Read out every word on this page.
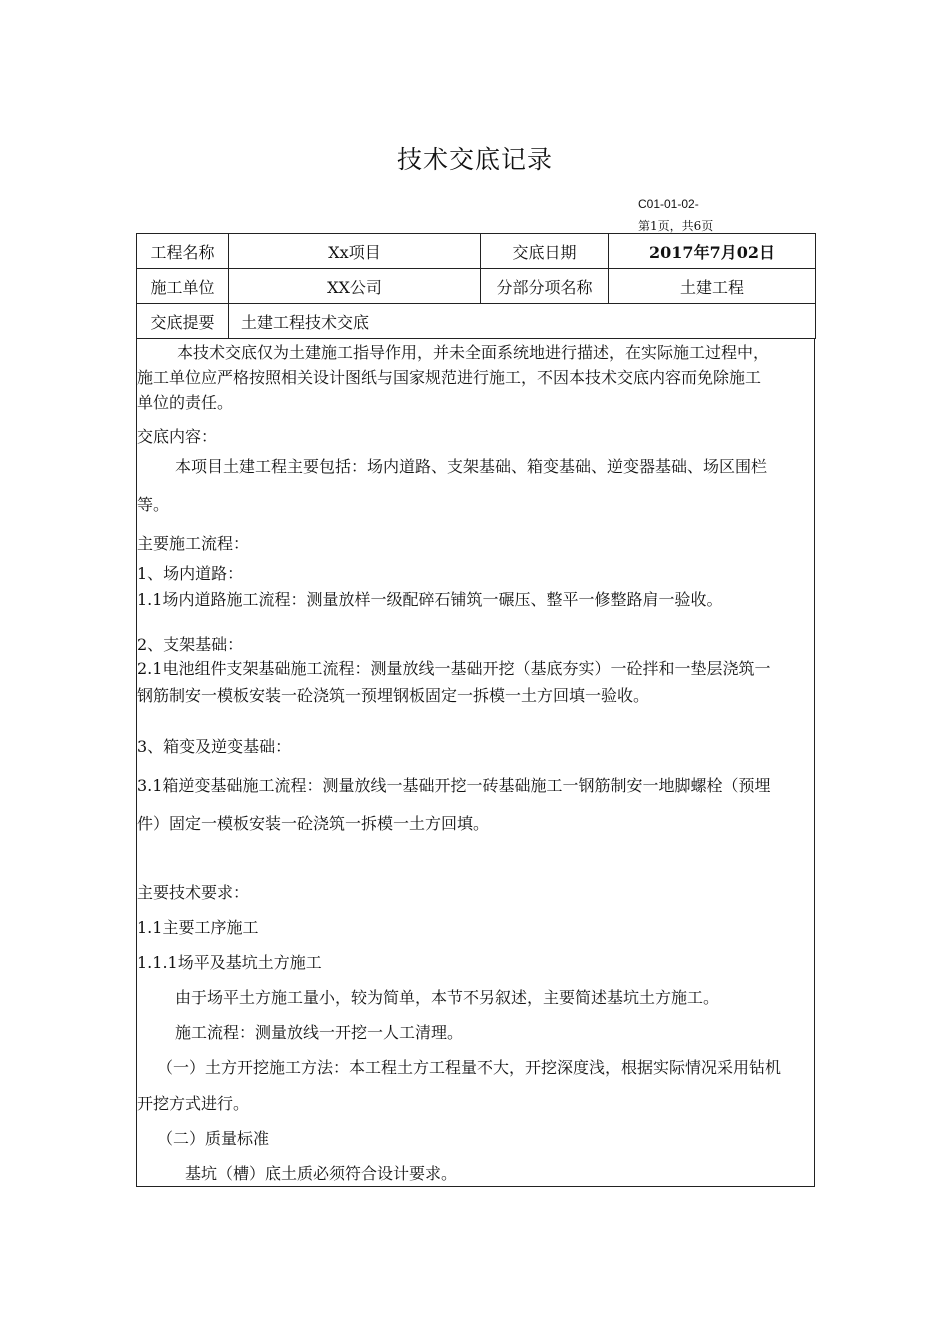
技术交底记录
C01-01-02-
第1页，共6页
工程名称	Xx项目	交底日期	2017年7月02日
施工单位	XX公司	分部分项名称	土建工程
交底提要	土建工程技术交底		
本技术交底仅为土建施工指导作用，并未全面系统地进行描述，在实际施工过程中，
施工单位应严格按照相关设计图纸与国家规范进行施工，不因本技术交底内容而免除施工
单位的责任。
交底内容：
本项目土建工程主要包括：场内道路、支架基础、箱变基础、逆变器基础、场区围栏
等。
主要施工流程：
1、场内道路：
1.1场内道路施工流程：测量放样一级配碎石铺筑一碾压、整平一修整路肩一验收。
2、支架基础：
2.1电池组件支架基础施工流程：测量放线一基础开挖（基底夯实）一砼拌和一垫层浇筑一
钢筋制安一模板安装一砼浇筑一预埋钢板固定一拆模一土方回填一验收。
3、箱变及逆变基础：
3.1箱逆变基础施工流程：测量放线一基础开挖一砖基础施工一钢筋制安一地脚螺栓（预埋
件）固定一模板安装一砼浇筑一拆模一土方回填。
主要技术要求：
1.1主要工序施工
1.1.1场平及基坑土方施工
由于场平土方施工量小，较为简单，本节不另叙述，主要简述基坑土方施工。
施工流程：测量放线一开挖一人工清理。
（一）土方开挖施工方法：本工程土方工程量不大，开挖深度浅，根据实际情况采用钻机
开挖方式进行。
（二）质量标准
基坑（槽）底土质必须符合设计要求。
